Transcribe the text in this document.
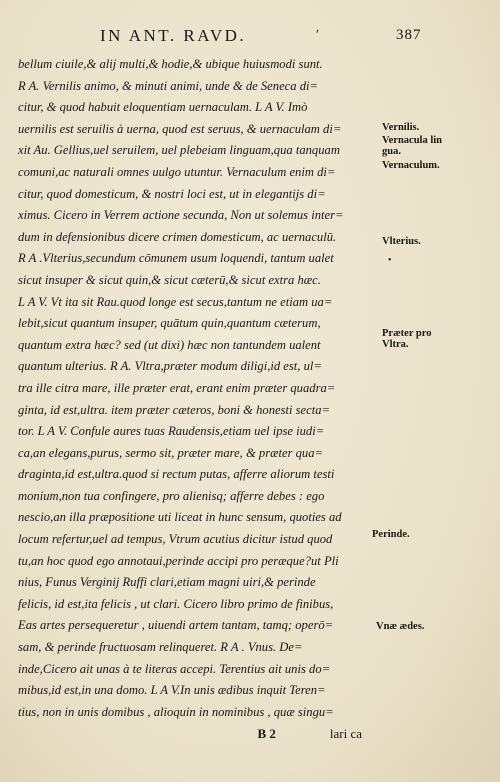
IN ANT. RAVD.	ʹ	387
bellum ciuile,& alij multi,& hodie,& ubique huiusmodi sunt.
R A. Vernilis animo, & minuti animi, unde & de Seneca di=
citur, & quod habuit eloquentiam uernaculam. L A V. Imò
uernilis est seruilis à uerna, quod est seruus, & uernaculam di=
xit Au. Gellius,uel seruilem, uel plebeiam linguam,qua tanquam
comuni,ac naturali omnes uulgo utuntur. Vernaculum enim di=
citur, quod domesticum, & nostri loci est, ut in elegantijs di=
ximus. Cicero in Verrem actione secunda, Non ut solemus inter=
dum in defensionibus dicere crimen domesticum, ac uernaculū.
R A .Vlterius,secundum cōmunem usum loquendi, tantum ualet
sicut insuper & sicut quin,& sicut cæterū,& sicut extra hæc.
L A V. Vt ita sit Rau.quod longe est secus,tantum ne etiam ua=
lebit,sicut quantum insuper, quātum quin,quantum cæterum,
quantum extra hæc? sed (ut dixi) hæc non tantundem ualent
quantum ulterius. R A. Vltra,præter modum diligi,id est, ul=
tra ille citra mare, ille præter erat, erant enim præter quadra=
ginta, id est,ultra. item præter cæteros, boni & honesti secta=
tor. L A V. Confule aures tuas Raudensis,etiam uel ipse iudi=
ca,an elegans,purus, sermo sit, præter mare, & præter qua=
draginta,id est,ultra.quod si rectum putas, afferre aliorum testi
monium,non tua confingere, pro alienisq; afferre debes : ego
nescio,an illa præpositione uti liceat in hunc sensum, quoties ad
locum refertur,uel ad tempus, Vtrum acutius dicitur istud quod
tu,an hoc quod ego annotaui,perinde accipi pro peræque?ut Pli
nius, Funus Verginij Ruffi clari,etiam magni uiri,& perinde
felicis, id est,ita felicis , ut clari. Cicero libro primo de finibus,
Eas artes persequeretur , uiuendi artem tantam, tamq; operō=
sam, & perinde fructuosam relinqueret. R A . Vnus. De=
inde,Cicero ait unas à te literas accepi. Terentius ait unis do=
mibus,id est,in una domo. L A V.In unis ædibus inquit Teren=
tius, non in unis domibus , alioquin in nominibus , quæ singu=
B 2	lari ca
Vernilis.
Vernacula lin gua.
Vernaculum.
Vlterius.
•
Præter pro Vltra.
Perinde.
Vnæ ædes.
